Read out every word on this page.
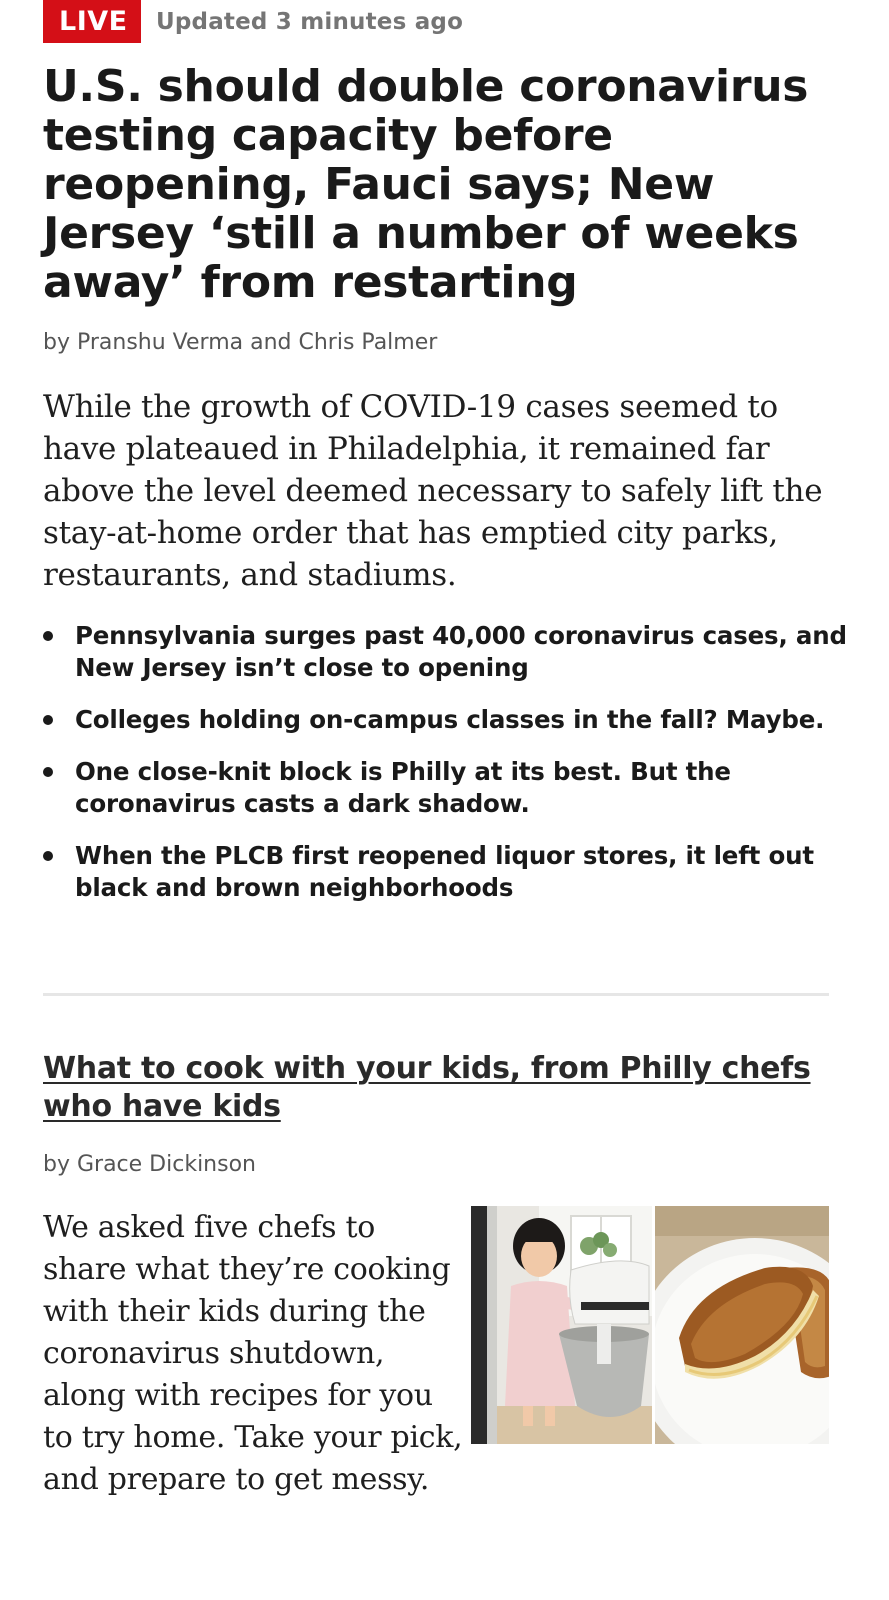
LIVE	Updated 3 minutes ago
U.S. should double coronavirus testing capacity before reopening, Fauci says; New Jersey ‘still a number of weeks away’ from restarting
by Pranshu Verma and Chris Palmer

While the growth of COVID-19 cases seemed to have plateaued in Philadelphia, it remained far above the level deemed necessary to safely lift the stay-at-home order that has emptied city parks, restaurants, and stadiums.

Pennsylvania surges past 40,000 coronavirus cases, and New Jersey isn’t close to opening
Colleges holding on-campus classes in the fall? Maybe.
One close-knit block is Philly at its best. But the coronavirus casts a dark shadow.
When the PLCB first reopened liquor stores, it left out black and brown neighborhoods
What to cook with your kids, from Philly chefs who have kids
by Grace Dickinson

We asked five chefs to share what they’re cooking with their kids during the coronavirus shutdown, along with recipes for you to try home. Take your pick, and prepare to get messy.
